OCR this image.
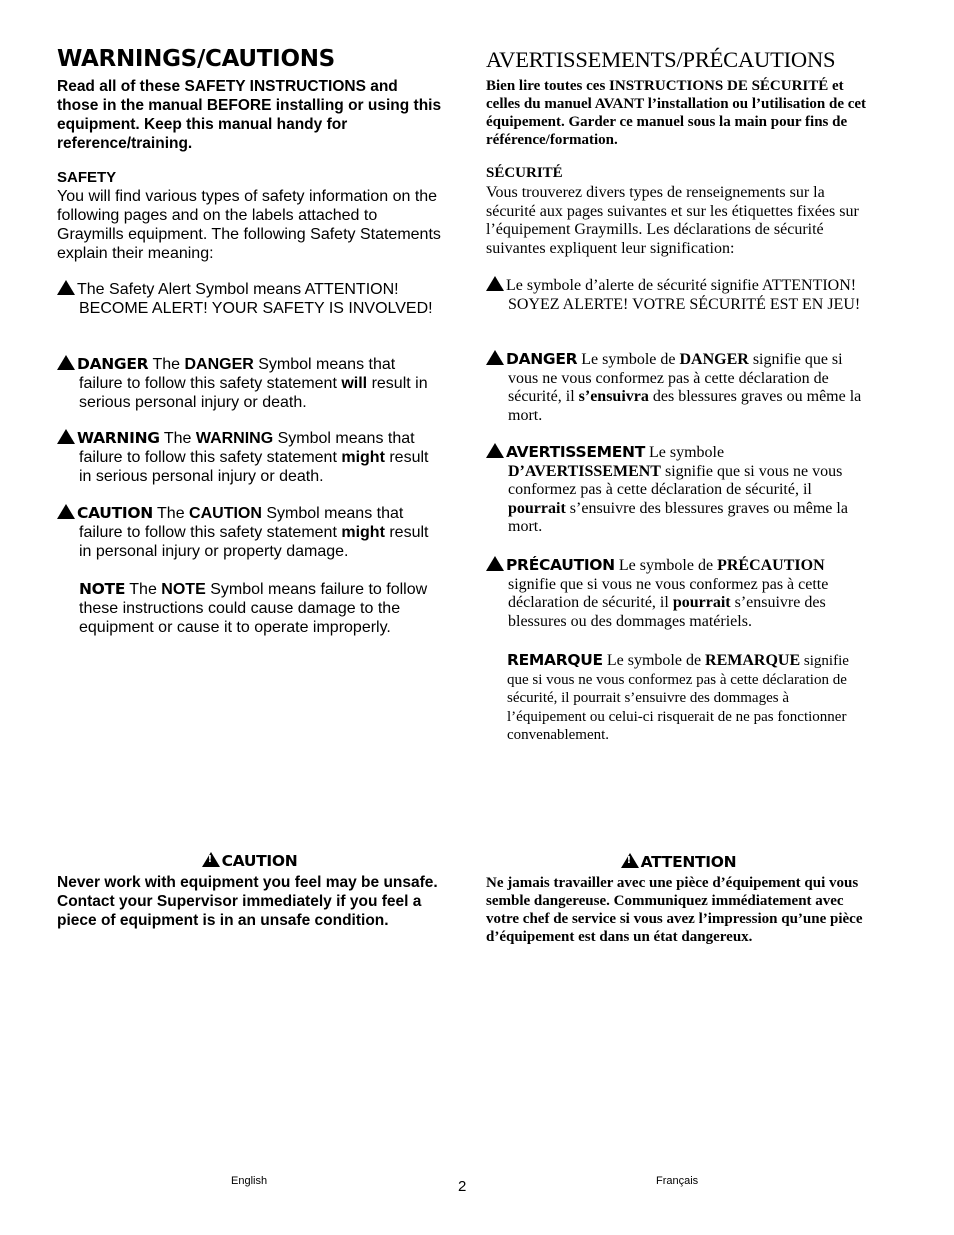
WARNINGS/CAUTIONS

Read all of these SAFETY INSTRUCTIONS and those in the manual BEFORE installing or using this equipment. Keep this manual handy for reference/training.

SAFETY
You will find various types of safety information on the following pages and on the labels attached to Graymills equipment. The following Safety Statements explain their meaning:
!The Safety Alert Symbol means ATTENTION! BECOME ALERT! YOUR SAFETY IS INVOLVED!
!DANGER The DANGER Symbol means that failure to follow this safety statement will result in serious personal injury or death.
!WARNING The WARNING Symbol means that failure to follow this safety statement might result in serious personal injury or death.
!CAUTION The CAUTION Symbol means that failure to follow this safety statement might result in personal injury or property damage.
NOTE The NOTE Symbol means failure to follow these instructions could cause damage to the equipment or cause it to operate improperly.
!CAUTION

Never work with equipment you feel may be unsafe. Contact your Supervisor immediately if you feel a piece of equipment is in an unsafe condition.

AVERTISSEMENTS/PRÉCAUTIONS

Bien lire toutes ces INSTRUCTIONS DE SÉCURITÉ et celles du manuel AVANT l’installation ou l’utilisation de cet équipement. Garder ce manuel sous la main pour fins de référence/formation.

SÉCURITÉ
Vous trouverez divers types de renseignements sur la sécurité aux pages suivantes et sur les étiquettes fixées sur l’équipement Graymills. Les déclarations de sécurité suivantes expliquent leur signification:
!Le symbole d’alerte de sécurité signifie ATTENTION! SOYEZ ALERTE! VOTRE SÉCURITÉ EST EN JEU!
!DANGER Le symbole de DANGER signifie que si vous ne vous conformez pas à cette déclaration de sécurité, il s’ensuivra des blessures graves ou même la mort.
!AVERTISSEMENT Le symbole D’AVERTISSEMENT signifie que si vous ne vous conformez pas à cette déclaration de sécurité, il pourrait s’ensuivre des blessures graves ou même la mort.
!PRÉCAUTION Le symbole de PRÉCAUTION signifie que si vous ne vous conformez pas à cette déclaration de sécurité, il pourrait s’ensuivre des blessures ou des dommages matériels.
REMARQUE Le symbole de REMARQUE signifie que si vous ne vous conformez pas à cette déclaration de sécurité, il pourrait s’ensuivre des dommages à l’équipement ou celui-ci risquerait de ne pas fonctionner convenablement.
!ATTENTION

Ne jamais travailler avec une pièce d’équipement qui vous semble dangereuse. Communiquez immédiatement avec votre chef de service si vous avez l’impression qu’une pièce d’équipement est dans un état dangereux.

English	2	Français
